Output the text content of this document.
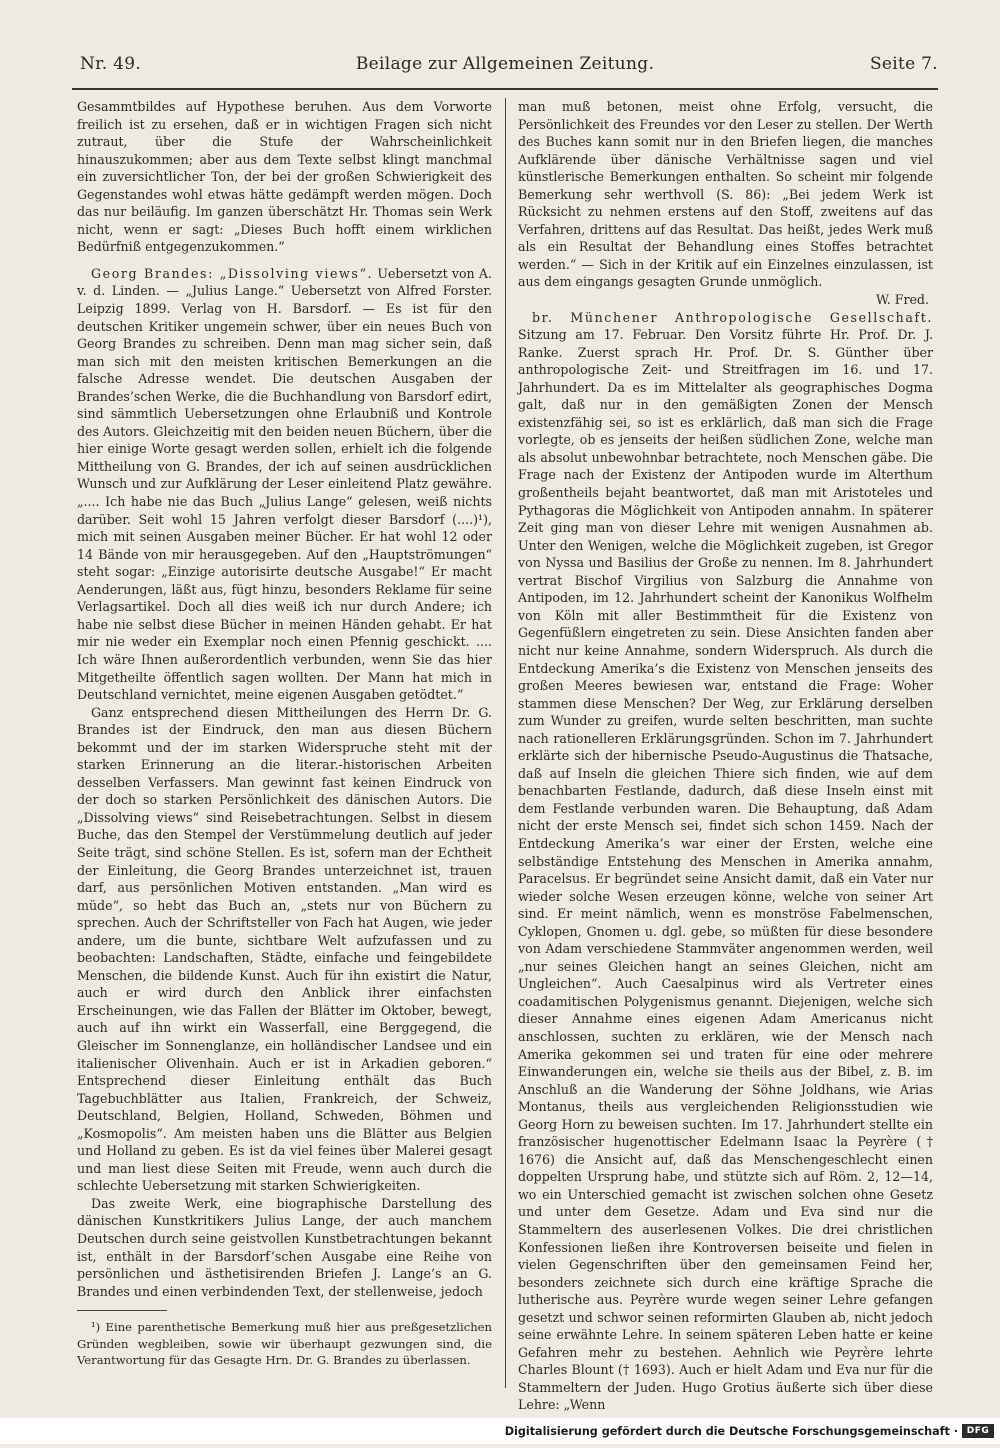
Nr. 49.	Beilage zur Allgemeinen Zeitung.	Seite 7.

Gesammtbildes auf Hypothese beruhen. Aus dem Vorworte freilich ist zu ersehen, daß er in wichtigen Fragen sich nicht zutraut, über die Stufe der Wahrscheinlichkeit hinauszukommen; aber aus dem Texte selbst klingt manchmal ein zuversichtlicher Ton, der bei der großen Schwierigkeit des Gegenstandes wohl etwas hätte gedämpft werden mögen. Doch das nur beiläufig. Im ganzen überschätzt Hr. Thomas sein Werk nicht, wenn er sagt: „Dieses Buch hofft einem wirklichen Bedürfniß entgegenzukommen.“

Georg Brandes: „Dissolving views“. Uebersetzt von A. v. d. Linden. — „Julius Lange.“ Uebersetzt von Alfred Forster. Leipzig 1899. Verlag von H. Barsdorf. — Es ist für den deutschen Kritiker ungemein schwer, über ein neues Buch von Georg Brandes zu schreiben. Denn man mag sicher sein, daß man sich mit den meisten kritischen Bemerkungen an die falsche Adresse wendet. Die deutschen Ausgaben der Brandes’schen Werke, die die Buchhandlung von Barsdorf edirt, sind sämmtlich Uebersetzungen ohne Erlaubniß und Kontrole des Autors. Gleichzeitig mit den beiden neuen Büchern, über die hier einige Worte gesagt werden sollen, erhielt ich die folgende Mittheilung von G. Brandes, der ich auf seinen ausdrücklichen Wunsch und zur Aufklärung der Leser einleitend Platz gewähre. „.... Ich habe nie das Buch „Julius Lange“ gelesen, weiß nichts darüber. Seit wohl 15 Jahren verfolgt dieser Barsdorf (....)¹), mich mit seinen Ausgaben meiner Bücher. Er hat wohl 12 oder 14 Bände von mir herausgegeben. Auf den „Hauptströmungen“ steht sogar: „Einzige autorisirte deutsche Ausgabe!“ Er macht Aenderungen, läßt aus, fügt hinzu, besonders Reklame für seine Verlagsartikel. Doch all dies weiß ich nur durch Andere; ich habe nie selbst diese Bücher in meinen Händen gehabt. Er hat mir nie weder ein Exemplar noch einen Pfennig geschickt. .... Ich wäre Ihnen außerordentlich verbunden, wenn Sie das hier Mitgetheilte öffentlich sagen wollten. Der Mann hat mich in Deutschland vernichtet, meine eigenen Ausgaben getödtet.“

Ganz entsprechend diesen Mittheilungen des Herrn Dr. G. Brandes ist der Eindruck, den man aus diesen Büchern bekommt und der im starken Widerspruche steht mit der starken Erinnerung an die literar.-historischen Arbeiten desselben Verfassers. Man gewinnt fast keinen Eindruck von der doch so starken Persönlichkeit des dänischen Autors. Die „Dissolving views“ sind Reisebetrachtungen. Selbst in diesem Buche, das den Stempel der Verstümmelung deutlich auf jeder Seite trägt, sind schöne Stellen. Es ist, sofern man der Echtheit der Einleitung, die Georg Brandes unterzeichnet ist, trauen darf, aus persönlichen Motiven entstanden. „Man wird es müde“, so hebt das Buch an, „stets nur von Büchern zu sprechen. Auch der Schriftsteller von Fach hat Augen, wie jeder andere, um die bunte, sichtbare Welt aufzufassen und zu beobachten: Landschaften, Städte, einfache und feingebildete Menschen, die bildende Kunst. Auch für ihn existirt die Natur, auch er wird durch den Anblick ihrer einfachsten Erscheinungen, wie das Fallen der Blätter im Oktober, bewegt, auch auf ihn wirkt ein Wasserfall, eine Berggegend, die Gleischer im Sonnenglanze, ein holländischer Landsee und ein italienischer Olivenhain. Auch er ist in Arkadien geboren.“ Entsprechend dieser Einleitung enthält das Buch Tagebuchblätter aus Italien, Frankreich, der Schweiz, Deutschland, Belgien, Holland, Schweden, Böhmen und „Kosmopolis“. Am meisten haben uns die Blätter aus Belgien und Holland zu geben. Es ist da viel feines über Malerei gesagt und man liest diese Seiten mit Freude, wenn auch durch die schlechte Uebersetzung mit starken Schwierigkeiten.

Das zweite Werk, eine biographische Darstellung des dänischen Kunstkritikers Julius Lange, der auch manchem Deutschen durch seine geistvollen Kunstbetrachtungen bekannt ist, enthält in der Barsdorf’schen Ausgabe eine Reihe von persönlichen und ästhetisirenden Briefen J. Lange’s an G. Brandes und einen verbindenden Text, der stellenweise, jedoch

¹) Eine parenthetische Bemerkung muß hier aus preßgesetzlichen Gründen wegbleiben, sowie wir überhaupt gezwungen sind, die Verantwortung für das Gesagte Hrn. Dr. G. Brandes zu überlassen.

man muß betonen, meist ohne Erfolg, versucht, die Persönlichkeit des Freundes vor den Leser zu stellen. Der Werth des Buches kann somit nur in den Briefen liegen, die manches Aufklärende über dänische Verhältnisse sagen und viel künstlerische Bemerkungen enthalten. So scheint mir folgende Bemerkung sehr werthvoll (S. 86): „Bei jedem Werk ist Rücksicht zu nehmen erstens auf den Stoff, zweitens auf das Verfahren, drittens auf das Resultat. Das heißt, jedes Werk muß als ein Resultat der Behandlung eines Stoffes betrachtet werden.“ — Sich in der Kritik auf ein Einzelnes einzulassen, ist aus dem eingangs gesagten Grunde unmöglich.

W. Fred.

br. Münchener Anthropologische Gesellschaft. Sitzung am 17. Februar. Den Vorsitz führte Hr. Prof. Dr. J. Ranke. Zuerst sprach Hr. Prof. Dr. S. Günther über anthropologische Zeit- und Streitfragen im 16. und 17. Jahrhundert. Da es im Mittelalter als geographisches Dogma galt, daß nur in den gemäßigten Zonen der Mensch existenzfähig sei, so ist es erklärlich, daß man sich die Frage vorlegte, ob es jenseits der heißen südlichen Zone, welche man als absolut unbewohnbar betrachtete, noch Menschen gäbe. Die Frage nach der Existenz der Antipoden wurde im Alterthum großentheils bejaht beantwortet, daß man mit Aristoteles und Pythagoras die Möglichkeit von Antipoden annahm. In späterer Zeit ging man von dieser Lehre mit wenigen Ausnahmen ab. Unter den Wenigen, welche die Möglichkeit zugeben, ist Gregor von Nyssa und Basilius der Große zu nennen. Im 8. Jahrhundert vertrat Bischof Virgilius von Salzburg die Annahme von Antipoden, im 12. Jahrhundert scheint der Kanonikus Wolfhelm von Köln mit aller Bestimmtheit für die Existenz von Gegenfüßlern eingetreten zu sein. Diese Ansichten fanden aber nicht nur keine Annahme, sondern Widerspruch. Als durch die Entdeckung Amerika’s die Existenz von Menschen jenseits des großen Meeres bewiesen war, entstand die Frage: Woher stammen diese Menschen? Der Weg, zur Erklärung derselben zum Wunder zu greifen, wurde selten beschritten, man suchte nach rationelleren Erklärungsgründen. Schon im 7. Jahrhundert erklärte sich der hibernische Pseudo-Augustinus die Thatsache, daß auf Inseln die gleichen Thiere sich finden, wie auf dem benachbarten Festlande, dadurch, daß diese Inseln einst mit dem Festlande verbunden waren. Die Behauptung, daß Adam nicht der erste Mensch sei, findet sich schon 1459. Nach der Entdeckung Amerika’s war einer der Ersten, welche eine selbständige Entstehung des Menschen in Amerika annahm, Paracelsus. Er begründet seine Ansicht damit, daß ein Vater nur wieder solche Wesen erzeugen könne, welche von seiner Art sind. Er meint nämlich, wenn es monströse Fabelmenschen, Cyklopen, Gnomen u. dgl. gebe, so müßten für diese besondere von Adam verschiedene Stammväter angenommen werden, weil „nur seines Gleichen hangt an seines Gleichen, nicht am Ungleichen“. Auch Caesalpinus wird als Vertreter eines coadamitischen Polygenismus genannt. Diejenigen, welche sich dieser Annahme eines eigenen Adam Americanus nicht anschlossen, suchten zu erklären, wie der Mensch nach Amerika gekommen sei und traten für eine oder mehrere Einwanderungen ein, welche sie theils aus der Bibel, z. B. im Anschluß an die Wanderung der Söhne Joldhans, wie Arias Montanus, theils aus vergleichenden Religionsstudien wie Georg Horn zu beweisen suchten. Im 17. Jahrhundert stellte ein französischer hugenottischer Edelmann Isaac la Peyrère († 1676) die Ansicht auf, daß das Menschengeschlecht einen doppelten Ursprung habe, und stützte sich auf Röm. 2, 12—14, wo ein Unterschied gemacht ist zwischen solchen ohne Gesetz und unter dem Gesetze. Adam und Eva sind nur die Stammeltern des auserlesenen Volkes. Die drei christlichen Konfessionen ließen ihre Kontroversen beiseite und fielen in vielen Gegenschriften über den gemeinsamen Feind her, besonders zeichnete sich durch eine kräftige Sprache die lutherische aus. Peyrère wurde wegen seiner Lehre gefangen gesetzt und schwor seinen reformirten Glauben ab, nicht jedoch seine erwähnte Lehre. In seinem späteren Leben hatte er keine Gefahren mehr zu bestehen. Aehnlich wie Peyrère lehrte Charles Blount († 1693). Auch er hielt Adam und Eva nur für die Stammeltern der Juden. Hugo Grotius äußerte sich über diese Lehre: „Wenn

Digitalisierung gefördert durch die Deutsche Forschungsgemeinschaft · DFG
